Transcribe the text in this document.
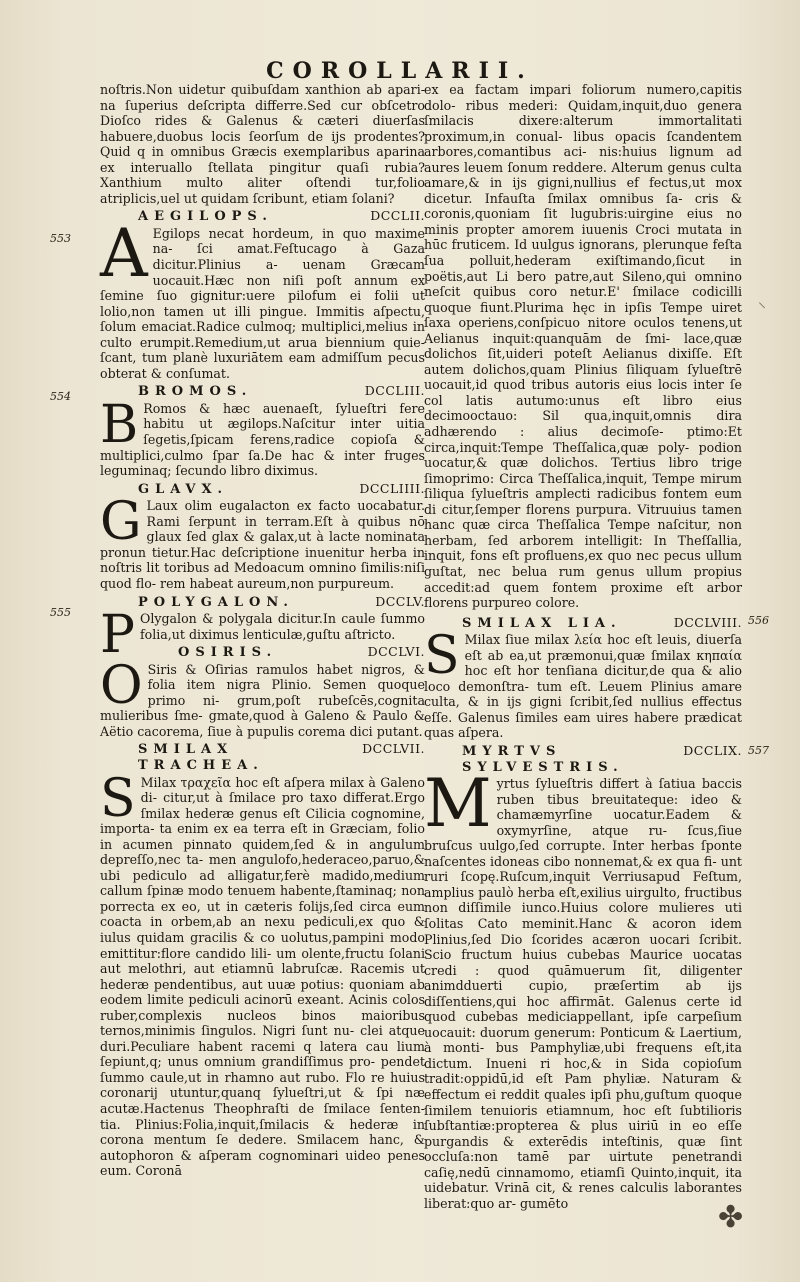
COROLLARII.

noſtris.Non uidetur quibuſdam xanthion ab apari- na ſuperius deſcripta differre.Sed cur obſcetro Dioſco rides & Galenus & cæteri diuerſas habuere,duobus locis ſeorſum de ijs prodentes? Quid q in omnibus Græcis exemplaribus aparina ex interuallo ſtellata pingitur quaſi rubia?Xanthium multo aliter oſtendi tur,folio atriplicis,uel ut quidam ſcribunt, etiam ſolani?

AEGILOPS.	DCCLII.
A Egilops necat hordeum, in quo maxime na- ſci amat.Feſtucago à Gaza dicitur.Plinius a- uenam Græcam uocauit.Hæc non niſi poſt annum ex ſemine ſuo gignitur:uere pilofum ei folii ut lolio,non tamen ut illi pingue. Immitis aſpectu, ſolum emaciat.Radice culmoq; multiplici,melius in culto erumpit.Remedium,ut arua biennium quie- ſcant, tum planè luxuriātem eam admiſſum pecus obterat & conſumat.
BROMOS.	DCCLIII.
B Romos & hæc auenaeſt, ſylueſtri fere habitu ut ægilops.Naſcitur inter uitia ſegetis,ſpicam ferens,radice copioſa & multiplici,culmo ſpar ſa.De hac & inter fruges leguminaq; ſecundo libro diximus.
GLAVX.	DCCLIIII.
G Laux olim eugalacton ex facto uocabatur. Rami ſerpunt in terram.Eſt à quibus nō glaux ſed glax & galax,ut à lacte nominata pronun tietur.Hac deſcriptione inuenitur herba in noſtris lit toribus ad Medoacum omnino ſimilis:niſi quod flo- rem habeat aureum,non purpureum.
POLYGALON.	DCCLV.
P Olygalon & polygala dicitur.In caule ſummo folia,ut diximus lenticulæ,guſtu aſtricto.
OSIRIS.	DCCLVI.
O Siris & Oſirias ramulos habet nigros, & folia item nigra Plinio. Semen quoque primo ni- grum,poſt rubeſcēs,cognita mulieribus ſme- gmate,quod à Galeno & Paulo & Aëtio cacorema, ſiue à pupulis corema dici putant.
SMILAX TRACHEA.
DCCLVII.
S Milax τραχεῖα hoc eſt aſpera milax à Galeno di- citur,ut à ſmilace pro taxo differat.Ergo ſmilax hederæ genus eſt Cilicia cognomine, importa- ta enim ex ea terra eſt in Græciam, folio in acumen pinnato quidem,ſed & in angulum depreſſo,nec ta- men angulofo,hederaceo,paruo,& ubi pediculo ad alligatur,ferè madido,medium callum ſpinæ modo tenuem habente,ſtaminaq; non porrecta ex eo, ut in cæteris folijs,ſed circa eum coacta in orbem,ab an nexu pediculi,ex quo & iulus quidam gracilis & co uolutus,pampini modo emittitur:flore candido lili- um olente,fructu ſolani aut melothri, aut etiamnū labruſcæ. Racemis ut hederæ pendentibus, aut uuæ potius: quoniam ab eodem limite pediculi acinorū exeant. Acinis colos ruber,complexis nucleos binos maioribus ternos,minimis ſingulos. Nigri ſunt nu- clei atque duri.Peculiare habent racemi q latera cau lium ſepiunt,q; unus omnium grandiſſimus pro- pendet ſummo caule,ut in rhamno aut rubo. Flo re huius coronarij utuntur,quanq ſylueſtri,ut & ſpi næ acutæ.Hactenus Theophraſti de ſmilace ſenten- tia. Plinius:Folia,inquit,ſmilacis & hederæ in corona mentum ſe dedere. Smilacem hanc, & autophoron & aſperam cognominari uideo penes eum. Coronā

ex ea factam impari foliorum numero,capitis dolo- ribus mederi: Quidam,inquit,duo genera ſmilacis dixere:alterum immortalitati proximum,in conual- libus opacis ſcandentem arbores,comantibus aci- nis:huius lignum ad aures leuem ſonum reddere. Alterum genus culta amare,& in ijs gigni,nullius ef fectus,ut mox dicetur. Infauſta ſmilax omnibus ſa- cris & coronis,quoniam ſit lugubris:uirgine eius no minis propter amorem iuuenis Croci mutata in hūc fruticem. Id uulgus ignorans, plerunque feſta ſua polluit,hederam exiſtimando,ſicut in poëtis,aut Li bero patre,aut Sileno,qui omnino neſcit quibus coro netur.E' ſmilace codicilli quoque fiunt.Plurima hęc in ipſis Tempe uiret ſaxa operiens,conſpicuo nitore oculos tenens,ut Aelianus inquit:quanquām de ſmi- lace,quæ dolichos ſit,uideri poteſt Aelianus dixiſſe. Eſt autem dolichos,quam Plinius ſiliquam ſylueſtrē uocauit,id quod tribus autoris eius locis inter ſe col latis autumo:unus eſt libro eius decimooctauo: Sil qua,inquit,omnis dira adhærendo : alius decimoſe- ptimo:Et circa,inquit:Tempe Theſſalica,quæ poly- podion uocatur,& quæ dolichos. Tertius libro trige ſimoprimo: Circa Theſſalica,inquit, Tempe mirum ſiliqua ſylueſtris amplecti radicibus fontem eum di citur,ſemper florens purpura. Vitruuius tamen hanc quæ circa Theſſalica Tempe naſcitur, non herbam, ſed arborem intelligit: In Theſſallia, inquit, fons eſt profluens,ex quo nec pecus ullum guſtat, nec belua rum genus ullum propius accedit:ad quem fontem proxime eſt arbor florens purpureo colore.

SMILAX LIA.	DCCLVIII.
S Milax ſiue milax λεία hoc eſt leuis, diuerſa eſt ab ea,ut præmonui,quæ ſmilax κηπαία hoc eſt hor tenſiana dicitur,de qua & alio loco demonſtra- tum eſt. Leuem Plinius amare culta, & in ijs gigni ſcribit,ſed nullius effectus eſſe. Galenus ſimiles eam uires habere prædicat quas aſpera.
MYRTVS SYLVESTRIS.
DCCLIX.
M yrtus ſylueſtris differt à ſatiua baccis ruben tibus breuitateque: ideo & chamæmyrſine uocatur.Eadem & oxymyrſine, atque ru- ſcus,ſiue bruſcus uulgo,ſed corrupte. Inter herbas ſponte naſcentes idoneas cibo nonnemat,& ex qua fi- unt ruri ſcopę.Ruſcum,inquit Verriusapud Feſtum, amplius paulò herba eſt,exilius uirgulto, fructibus non diſſimile iunco.Huius colore mulieres uti ſolitas Cato meminit.Hanc & acoron idem Plinius,ſed Dio ſcorides acæron uocari ſcribit. Scio fructum huius cubebas Maurice uocatas credi : quod quāmuerum ſit, diligenter animdduerti cupio, præſertim ab ijs diſſentiens,qui hoc affirmāt. Galenus certe id quod cubebas mediciappellant, ipſe carpeſium uocauit: duorum generum: Ponticum & Laertium, à monti- bus Pamphyliæ,ubi frequens eſt,ita dictum. Inueni ri hoc,& in Sida copioſum tradit:oppidū,id eſt Pam phyliæ. Naturam & effectum ei reddit quales ipſi phu,guſtum quoque ſimilem tenuioris etiamnum, hoc eſt ſubtilioris ſubſtantiæ:propterea & plus uiriū in eo eſſe purgandis & exterēdis inteſtinis, quæ ſint occluſa:non tamē par uirtute penetrandi caſię,nedū cinnamomo, etiamſi Quinto,inquit, ita uidebatur. Vrinā cit, & renes calculis laborantes liberat:quo ar- gumēto
553
554
555
556
557
⸜
✤
